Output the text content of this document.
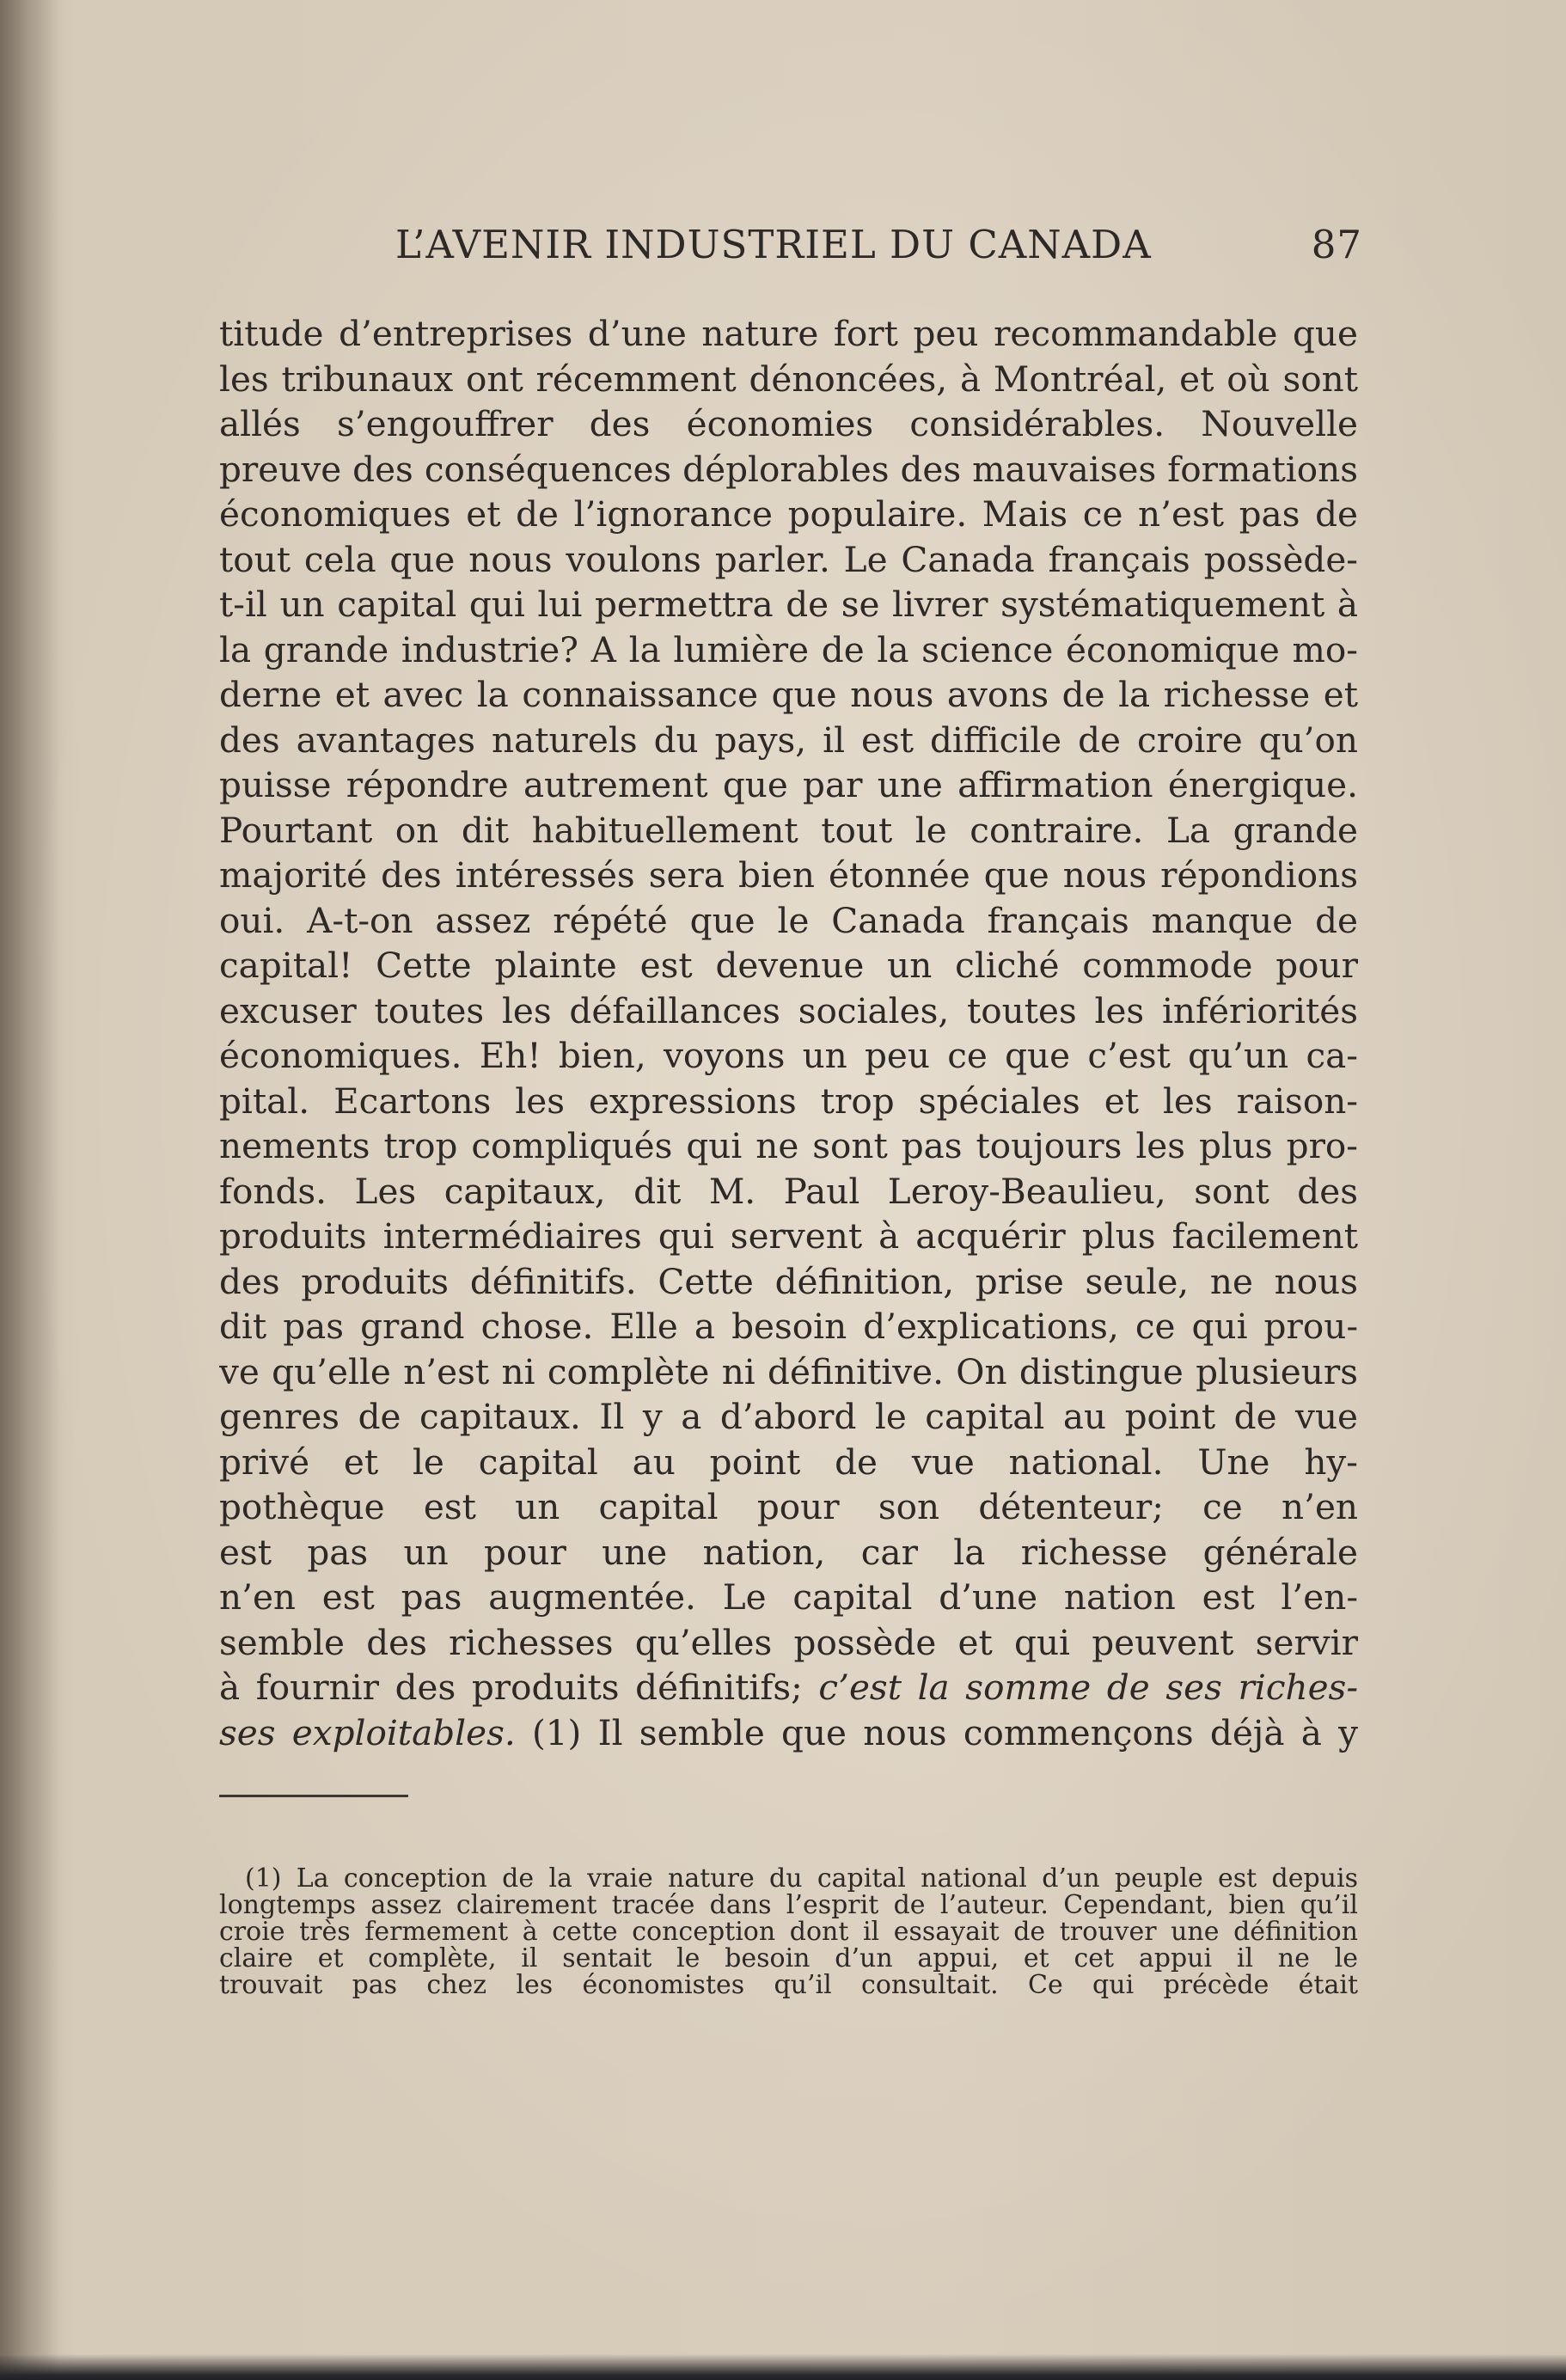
L’AVENIR INDUSTRIEL DU CANADA	87
titude d’entreprises d’une nature fort peu recommandable que
les tribunaux ont récemment dénoncées, à Montréal, et où sont
allés s’engouffrer des économies considérables. Nouvelle
preuve des conséquences déplorables des mauvaises formations
économiques et de l’ignorance populaire. Mais ce n’est pas de
tout cela que nous voulons parler. Le Canada français possède-
t-il un capital qui lui permettra de se livrer systématiquement à
la grande industrie? A la lumière de la science économique mo-
derne et avec la connaissance que nous avons de la richesse et
des avantages naturels du pays, il est difficile de croire qu’on
puisse répondre autrement que par une affirmation énergique.
Pourtant on dit habituellement tout le contraire. La grande
majorité des intéressés sera bien étonnée que nous répondions
oui. A-t-on assez répété que le Canada français manque de
capital! Cette plainte est devenue un cliché commode pour
excuser toutes les défaillances sociales, toutes les infériorités
économiques. Eh! bien, voyons un peu ce que c’est qu’un ca-
pital. Ecartons les expressions trop spéciales et les raison-
nements trop compliqués qui ne sont pas toujours les plus pro-
fonds. Les capitaux, dit M. Paul Leroy-Beaulieu, sont des
produits intermédiaires qui servent à acquérir plus facilement
des produits définitifs. Cette définition, prise seule, ne nous
dit pas grand chose. Elle a besoin d’explications, ce qui prou-
ve qu’elle n’est ni complète ni définitive. On distingue plusieurs
genres de capitaux. Il y a d’abord le capital au point de vue
privé et le capital au point de vue national. Une hy-
pothèque est un capital pour son détenteur; ce n’en
est pas un pour une nation, car la richesse générale
n’en est pas augmentée. Le capital d’une nation est l’en-
semble des richesses qu’elles possède et qui peuvent servir
à fournir des produits définitifs; c’est la somme de ses riches-
ses exploitables. (1) Il semble que nous commençons déjà à y
(1) La conception de la vraie nature du capital national d’un peuple est depuis
longtemps assez clairement tracée dans l’esprit de l’auteur. Cependant, bien qu’il
croie très fermement à cette conception dont il essayait de trouver une définition
claire et complète, il sentait le besoin d’un appui, et cet appui il ne le
trouvait pas chez les économistes qu’il consultait. Ce qui précède était
